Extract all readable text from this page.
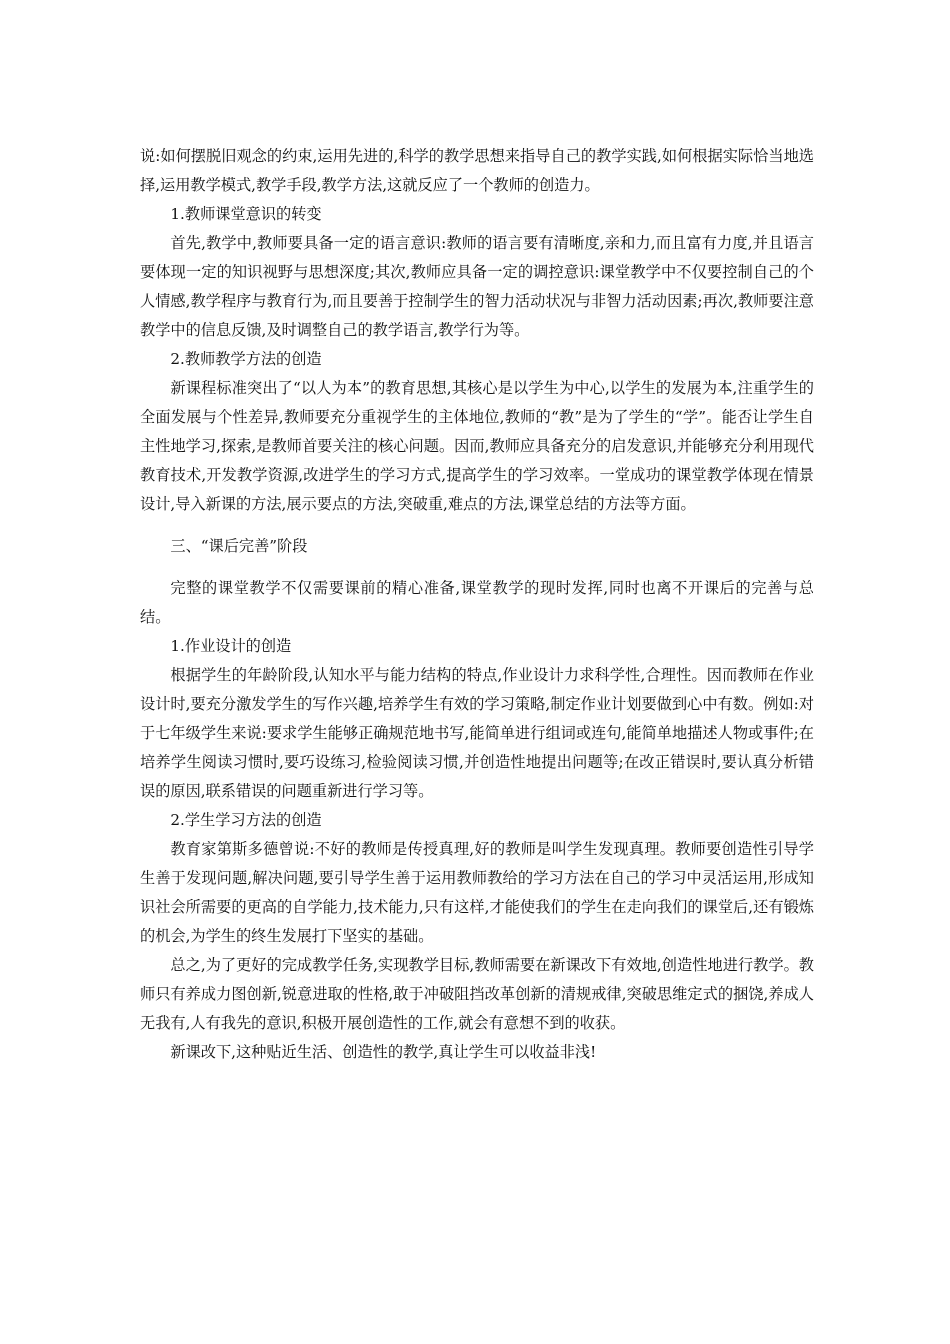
说:如何摆脱旧观念的约束,运用先进的,科学的教学思想来指导自己的教学实践,如何根据实际恰当地选择,运用教学模式,教学手段,教学方法,这就反应了一个教师的创造力。

1.教师课堂意识的转变

首先,教学中,教师要具备一定的语言意识:教师的语言要有清晰度,亲和力,而且富有力度,并且语言要体现一定的知识视野与思想深度;其次,教师应具备一定的调控意识:课堂教学中不仅要控制自己的个人情感,教学程序与教育行为,而且要善于控制学生的智力活动状况与非智力活动因素;再次,教师要注意教学中的信息反馈,及时调整自己的教学语言,教学行为等。

2.教师教学方法的创造

新课程标准突出了“以人为本”的教育思想,其核心是以学生为中心,以学生的发展为本,注重学生的全面发展与个性差异,教师要充分重视学生的主体地位,教师的“教”是为了学生的“学”。能否让学生自主性地学习,探索,是教师首要关注的核心问题。因而,教师应具备充分的启发意识,并能够充分利用现代教育技术,开发教学资源,改进学生的学习方式,提高学生的学习效率。一堂成功的课堂教学体现在情景设计,导入新课的方法,展示要点的方法,突破重,难点的方法,课堂总结的方法等方面。

三、“课后完善”阶段

完整的课堂教学不仅需要课前的精心准备,课堂教学的现时发挥,同时也离不开课后的完善与总结。

1.作业设计的创造

根据学生的年龄阶段,认知水平与能力结构的特点,作业设计力求科学性,合理性。因而教师在作业设计时,要充分激发学生的写作兴趣,培养学生有效的学习策略,制定作业计划要做到心中有数。例如:对于七年级学生来说:要求学生能够正确规范地书写,能简单进行组词或连句,能简单地描述人物或事件;在培养学生阅读习惯时,要巧设练习,检验阅读习惯,并创造性地提出问题等;在改正错误时,要认真分析错误的原因,联系错误的问题重新进行学习等。

2.学生学习方法的创造

教育家第斯多德曾说:不好的教师是传授真理,好的教师是叫学生发现真理。教师要创造性引导学生善于发现问题,解决问题,要引导学生善于运用教师教给的学习方法在自己的学习中灵活运用,形成知识社会所需要的更高的自学能力,技术能力,只有这样,才能使我们的学生在走向我们的课堂后,还有锻炼的机会,为学生的终生发展打下坚实的基础。

总之,为了更好的完成教学任务,实现教学目标,教师需要在新课改下有效地,创造性地进行教学。教师只有养成力图创新,锐意进取的性格,敢于冲破阻挡改革创新的清规戒律,突破思维定式的捆饶,养成人无我有,人有我先的意识,积极开展创造性的工作,就会有意想不到的收获。

新课改下,这种贴近生活、创造性的教学,真让学生可以收益非浅!
